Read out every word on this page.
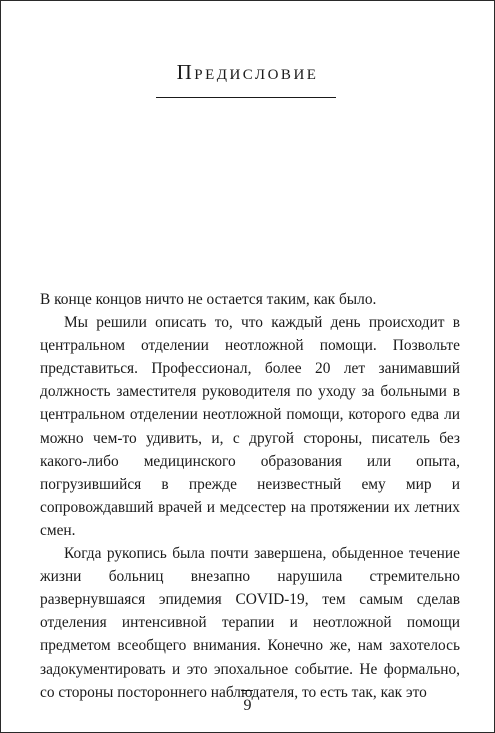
Предисловие

В конце концов ничто не остается таким, как было.

Мы решили описать то, что каждый день происходит в центральном отделении неотложной помощи. Позвольте представиться. Профессионал, более 20 лет занимавший должность заместителя руководителя по уходу за больными в центральном отделении неотложной помощи, которого едва ли можно чем-то удивить, и, с другой стороны, писатель без какого-либо медицинского образования или опыта, погрузившийся в прежде неизвестный ему мир и сопровождавший врачей и медсестер на протяжении их летних смен.

Когда рукопись была почти завершена, обыденное течение жизни больниц внезапно нарушила стремительно развернувшаяся эпидемия COVID-19, тем самым сделав отделения интенсивной терапии и неотложной помощи предметом всеобщего внимания. Конечно же, нам захотелось задокументировать и это эпохальное событие. Не формально, со стороны постороннего наблюдателя, то есть так, как это

9
